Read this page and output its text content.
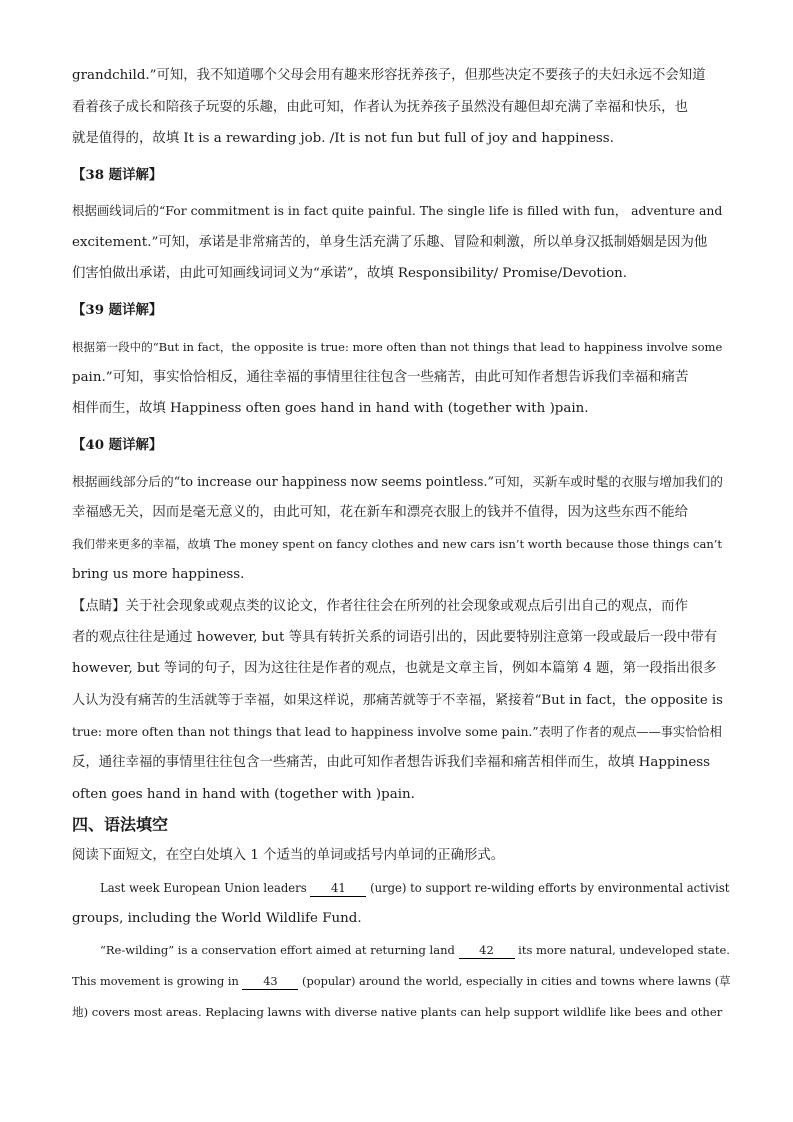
grandchild.”可知，我不知道哪个父母会用有趣来形容抚养孩子，但那些决定不要孩子的夫妇永远不会知道
看着孩子成长和陪孩子玩耍的乐趣，由此可知，作者认为抚养孩子虽然没有趣但却充满了幸福和快乐，也
就是值得的，故填 It is a rewarding job. /It is not fun but full of joy and happiness.
【38 题详解】
根据画线词后的“For commitment is in fact quite painful. The single life is filled with fun， adventure and
excitement.”可知，承诺是非常痛苦的，单身生活充满了乐趣、冒险和刺激，所以单身汉抵制婚姻是因为他
们害怕做出承诺，由此可知画线词词义为“承诺”，故填 Responsibility/ Promise/Devotion.
【39 题详解】
根据第一段中的“But in fact，the opposite is true: more often than not things that lead to happiness involve some
pain.”可知，事实恰恰相反，通往幸福的事情里往往包含一些痛苦，由此可知作者想告诉我们幸福和痛苦
相伴而生，故填 Happiness often goes hand in hand with (together with )pain.
【40 题详解】
根据画线部分后的“to increase our happiness now seems pointless.”可知，买新车或时髦的衣服与增加我们的
幸福感无关，因而是毫无意义的，由此可知，花在新车和漂亮衣服上的钱并不值得，因为这些东西不能给
我们带来更多的幸福，故填 The money spent on fancy clothes and new cars isn’t worth because those things can’t
bring us more happiness.
【点睛】关于社会现象或观点类的议论文，作者往往会在所列的社会现象或观点后引出自己的观点，而作
者的观点往往是通过 however, but 等具有转折关系的词语引出的，因此要特别注意第一段或最后一段中带有
however, but 等词的句子，因为这往往是作者的观点，也就是文章主旨，例如本篇第 4 题，第一段指出很多
人认为没有痛苦的生活就等于幸福，如果这样说，那痛苦就等于不幸福，紧接着“But in fact，the opposite is
true: more often than not things that lead to happiness involve some pain.”表明了作者的观点——事实恰恰相
反，通往幸福的事情里往往包含一些痛苦，由此可知作者想告诉我们幸福和痛苦相伴而生，故填 Happiness
often goes hand in hand with (together with )pain.
四、语法填空
阅读下面短文，在空白处填入 1 个适当的单词或括号内单词的正确形式。
Last week European Union leaders 41 (urge) to support re-wilding efforts by environmental activist
groups, including the World Wildlife Fund.
“Re-wilding” is a conservation effort aimed at returning land 42 its more natural, undeveloped state.
This movement is growing in 43 (popular) around the world, especially in cities and towns where lawns (草
地) covers most areas. Replacing lawns with diverse native plants can help support wildlife like bees and other
